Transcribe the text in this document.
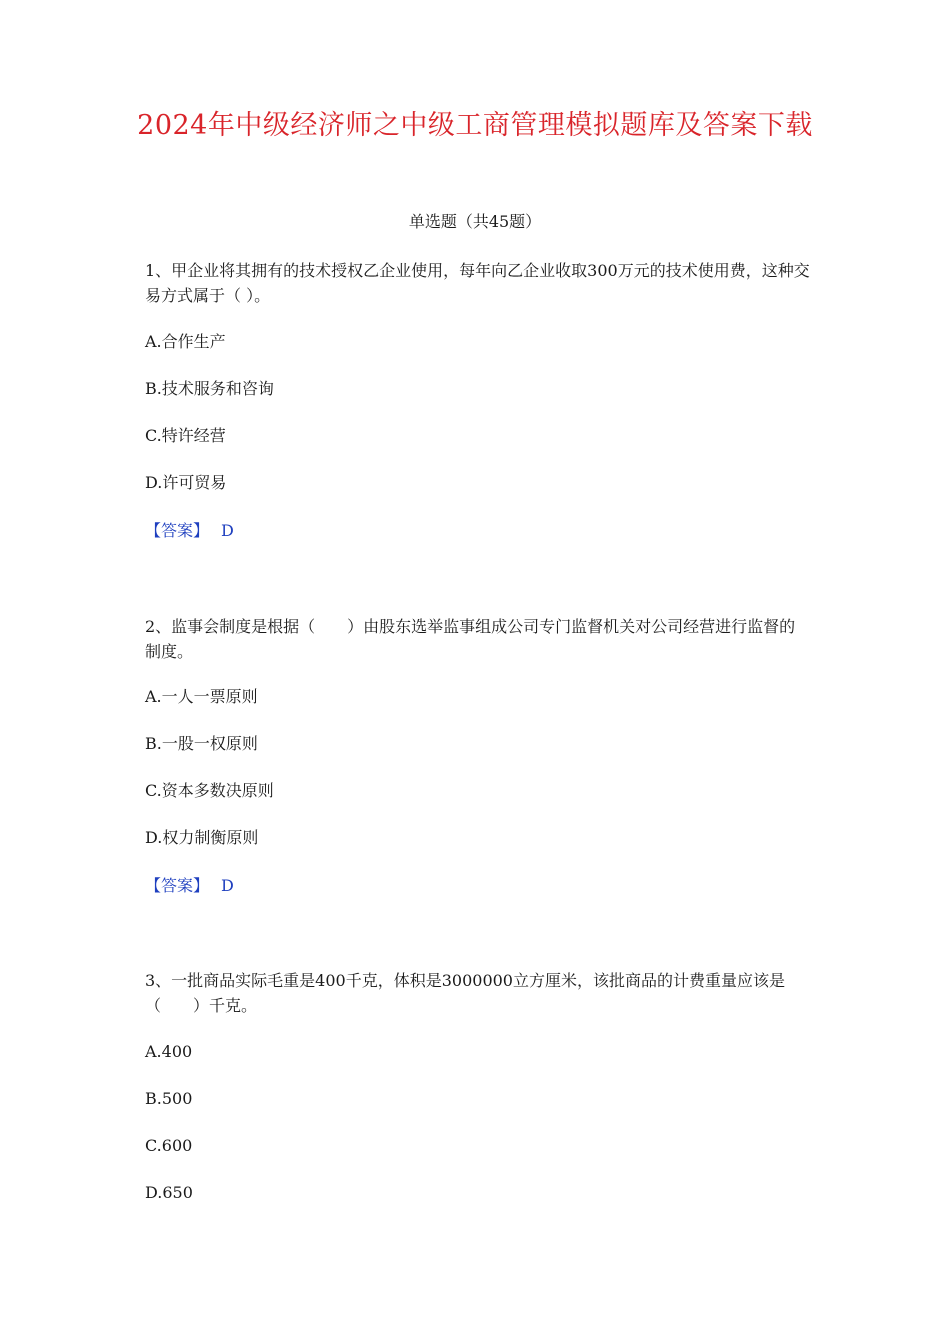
2024年中级经济师之中级工商管理模拟题库及答案下载
单选题（共45题）
1、甲企业将其拥有的技术授权乙企业使用，每年向乙企业收取300万元的技术使用费，这种交易方式属于（ ）。
A.合作生产
B.技术服务和咨询
C.特许经营
D.许可贸易
【答案】 D
2、监事会制度是根据（　　）由股东选举监事组成公司专门监督机关对公司经营进行监督的制度。
A.一人一票原则
B.一股一权原则
C.资本多数决原则
D.权力制衡原则
【答案】 D
3、一批商品实际毛重是400千克，体积是3000000立方厘米，该批商品的计费重量应该是（　　）千克。
A.400
B.500
C.600
D.650
